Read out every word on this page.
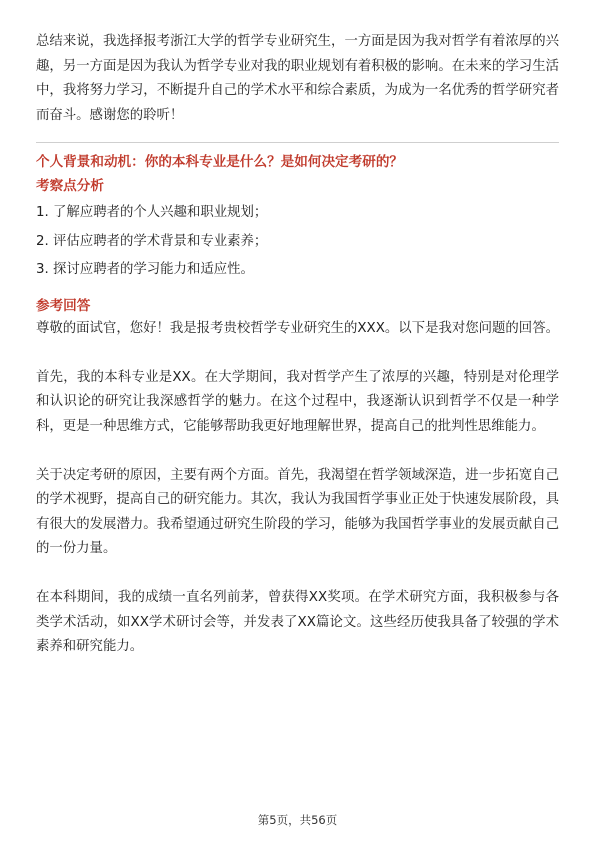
总结来说，我选择报考浙江大学的哲学专业研究生，一方面是因为我对哲学有着浓厚的兴趣，另一方面是因为我认为哲学专业对我的职业规划有着积极的影响。在未来的学习生活中，我将努力学习，不断提升自己的学术水平和综合素质，为成为一名优秀的哲学研究者而奋斗。感谢您的聆听！

个人背景和动机：你的本科专业是什么？是如何决定考研的？
考察点分析
1. 了解应聘者的个人兴趣和职业规划；
2. 评估应聘者的学术背景和专业素养；
3. 探讨应聘者的学习能力和适应性。
参考回答

尊敬的面试官，您好！我是报考贵校哲学专业研究生的XXX。以下是我对您问题的回答。

首先，我的本科专业是XX。在大学期间，我对哲学产生了浓厚的兴趣，特别是对伦理学和认识论的研究让我深感哲学的魅力。在这个过程中，我逐渐认识到哲学不仅是一种学科，更是一种思维方式，它能够帮助我更好地理解世界，提高自己的批判性思维能力。

关于决定考研的原因，主要有两个方面。首先，我渴望在哲学领域深造，进一步拓宽自己的学术视野，提高自己的研究能力。其次，我认为我国哲学事业正处于快速发展阶段，具有很大的发展潜力。我希望通过研究生阶段的学习，能够为我国哲学事业的发展贡献自己的一份力量。

在本科期间，我的成绩一直名列前茅，曾获得XX奖项。在学术研究方面，我积极参与各类学术活动，如XX学术研讨会等，并发表了XX篇论文。这些经历使我具备了较强的学术素养和研究能力。

第5页，共56页
